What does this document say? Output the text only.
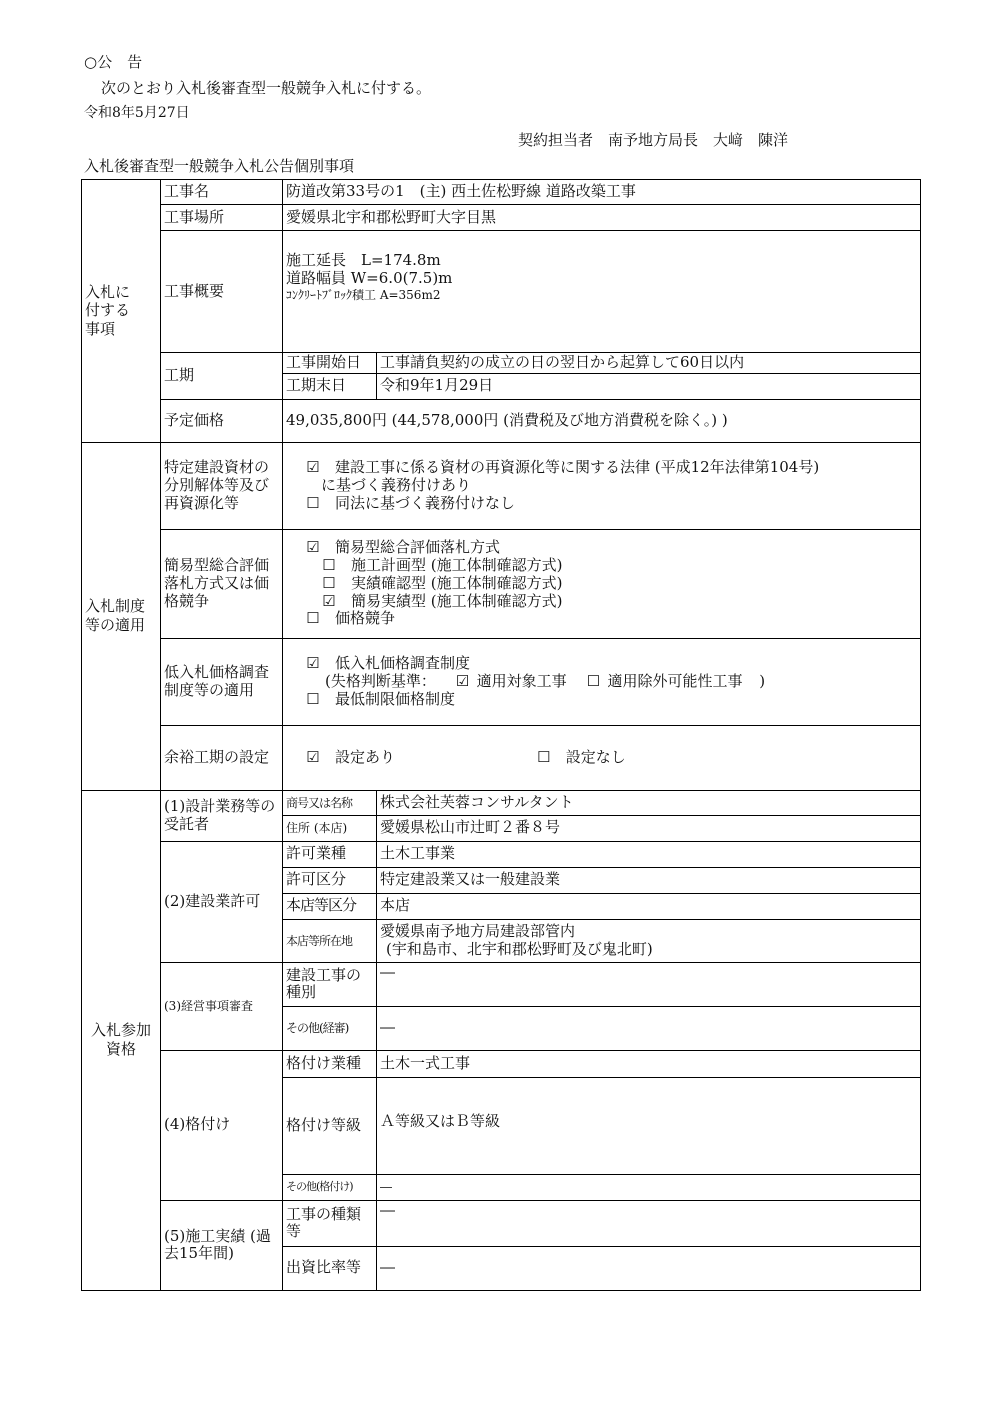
○公　告
次のとおり入札後審査型一般競争入札に付する。
令和8年5月27日
契約担当者　南予地方局長　大﨑　陳洋
入札後審査型一般競争入札公告個別事項
入札に付する事項	工事名	防道改第33号の1　(主) 西土佐松野線 道路改築工事	
	工事場所	愛媛県北宇和郡松野町大字目黒	
	工事概要	施工延長　L=174.8m
道路幅員 W=6.0(7.5)m
ｺﾝｸﾘｰﾄﾌﾞﾛｯｸ積工 A=356m2	

	工期	工事開始日	工事請負契約の成立の日の翌日から起算して60日以内
		工期末日	令和9年1月29日
	予定価格	49,035,800円 (44,578,000円 (消費税及び地方消費税を除く。) )	

入札制度等の適用	特定建設資材の分別解体等及び再資源化等	☑ 建設工事に係る資材の再資源化等に関する法律 (平成12年法律第104号)
に基づく義務付けあり
☐ 同法に基づく義務付けなし	

	簡易型総合評価落札方式又は価格競争	☑ 簡易型総合評価落札方式
☐ 施工計画型 (施工体制確認方式)
☐ 実績確認型 (施工体制確認方式)
☑ 簡易実績型 (施工体制確認方式)
☐ 価格競争	

	低入札価格調査制度等の適用	☑ 低入札価格調査制度
(失格判断基準： ☑ 適用対象工事 ☐ 適用除外可能性工事 )
☐ 最低制限価格制度	

	余裕工期の設定	☑ 設定あり ☐ 設定なし	

入札参加資格	(1)設計業務等の受託者	商号又は名称	株式会社芙蓉コンサルタント
		住所 (本店)	愛媛県松山市辻町２番８号
	(2)建設業許可	許可業種	土木工事業
		許可区分	特定建設業又は一般建設業
		本店等区分	本店
		本店等所在地	愛媛県南予地方局建設部管内
(宇和島市、北宇和郡松野町及び鬼北町)

	(3)経営事項審査	建設工事の種別	―
		その他(経審)	―
	(4)格付け	格付け業種	土木一式工事
		格付け等級	Ａ等級又はＢ等級
		その他(格付け)	―

	(5)施工実績 (過去15年間)	工事の種類等	―
		出資比率等	―
